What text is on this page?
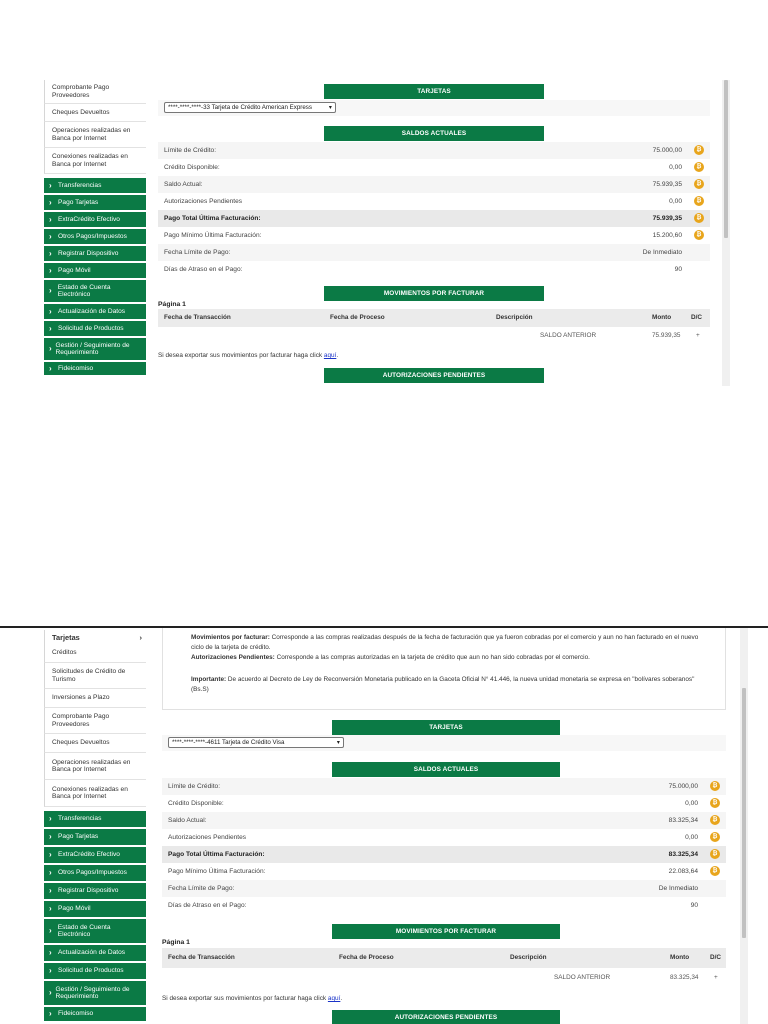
Comprobante Pago Proveedores
Cheques Devueltos
Operaciones realizadas en Banca por Internet
Conexiones realizadas en Banca por Internet
› Transferencias
› Pago Tarjetas
› ExtraCrédito Efectivo
› Otros Pagos/Impuestos
› Registrar Dispositivo
› Pago Móvil
› Estado de Cuenta Electrónico
› Actualización de Datos
› Solicitud de Productos
› Gestión / Seguimiento de Requerimiento
› Fideicomiso
TARJETAS
****-****-****-33 Tarjeta de Crédito American Express	▾
SALDOS ACTUALES
Límite de Crédito:	75.000,00	₿
Crédito Disponible:	0,00	₿
Saldo Actual:	75.939,35	₿
Autorizaciones Pendientes	0,00	₿
Pago Total Última Facturación:	75.939,35	₿
Pago Mínimo Última Facturación:	15.200,60	₿
Fecha Límite de Pago:	De Inmediato
Días de Atraso en el Pago:	90
MOVIMIENTOS POR FACTURAR
Página 1
Fecha de Transacción	Fecha de Proceso	Descripción	Monto	D/C
SALDO ANTERIOR	75.939,35 +
Si desea exportar sus movimientos por facturar haga click aquí.
AUTORIZACIONES PENDIENTES
Tarjetas	›
Créditos
Solicitudes de Crédito de Turismo
Inversiones a Plazo
Comprobante Pago Proveedores
Cheques Devueltos
Operaciones realizadas en Banca por Internet
Conexiones realizadas en Banca por Internet
› Transferencias
› Pago Tarjetas
› ExtraCrédito Efectivo
› Otros Pagos/Impuestos
› Registrar Dispositivo
› Pago Móvil
› Estado de Cuenta Electrónico
› Actualización de Datos
› Solicitud de Productos
› Gestión / Seguimiento de Requerimiento
› Fideicomiso
Movimientos por facturar: Corresponde a las compras realizadas después de la fecha de facturación que ya fueron cobradas por el comercio y aun no han facturado en el nuevo ciclo de la tarjeta de crédito.
Autorizaciones Pendientes: Corresponde a las compras autorizadas en la tarjeta de crédito que aun no han sido cobradas por el comercio.
Importante: De acuerdo al Decreto de Ley de Reconversión Monetaria publicado en la Gaceta Oficial N° 41.446, la nueva unidad monetaria se expresa en "bolívares soberanos" (Bs.S)
TARJETAS
****-****-****-4611 Tarjeta de Crédito Visa	▾
SALDOS ACTUALES
Límite de Crédito:	75.000,00	₿
Crédito Disponible:	0,00	₿
Saldo Actual:	83.325,34	₿
Autorizaciones Pendientes	0,00	₿
Pago Total Última Facturación:	83.325,34	₿
Pago Mínimo Última Facturación:	22.083,64	₿
Fecha Límite de Pago:	De Inmediato
Días de Atraso en el Pago:	90
MOVIMIENTOS POR FACTURAR
Página 1
Fecha de Transacción	Fecha de Proceso	Descripción	Monto	D/C
SALDO ANTERIOR	83.325,34 +
Si desea exportar sus movimientos por facturar haga click aquí.
AUTORIZACIONES PENDIENTES
